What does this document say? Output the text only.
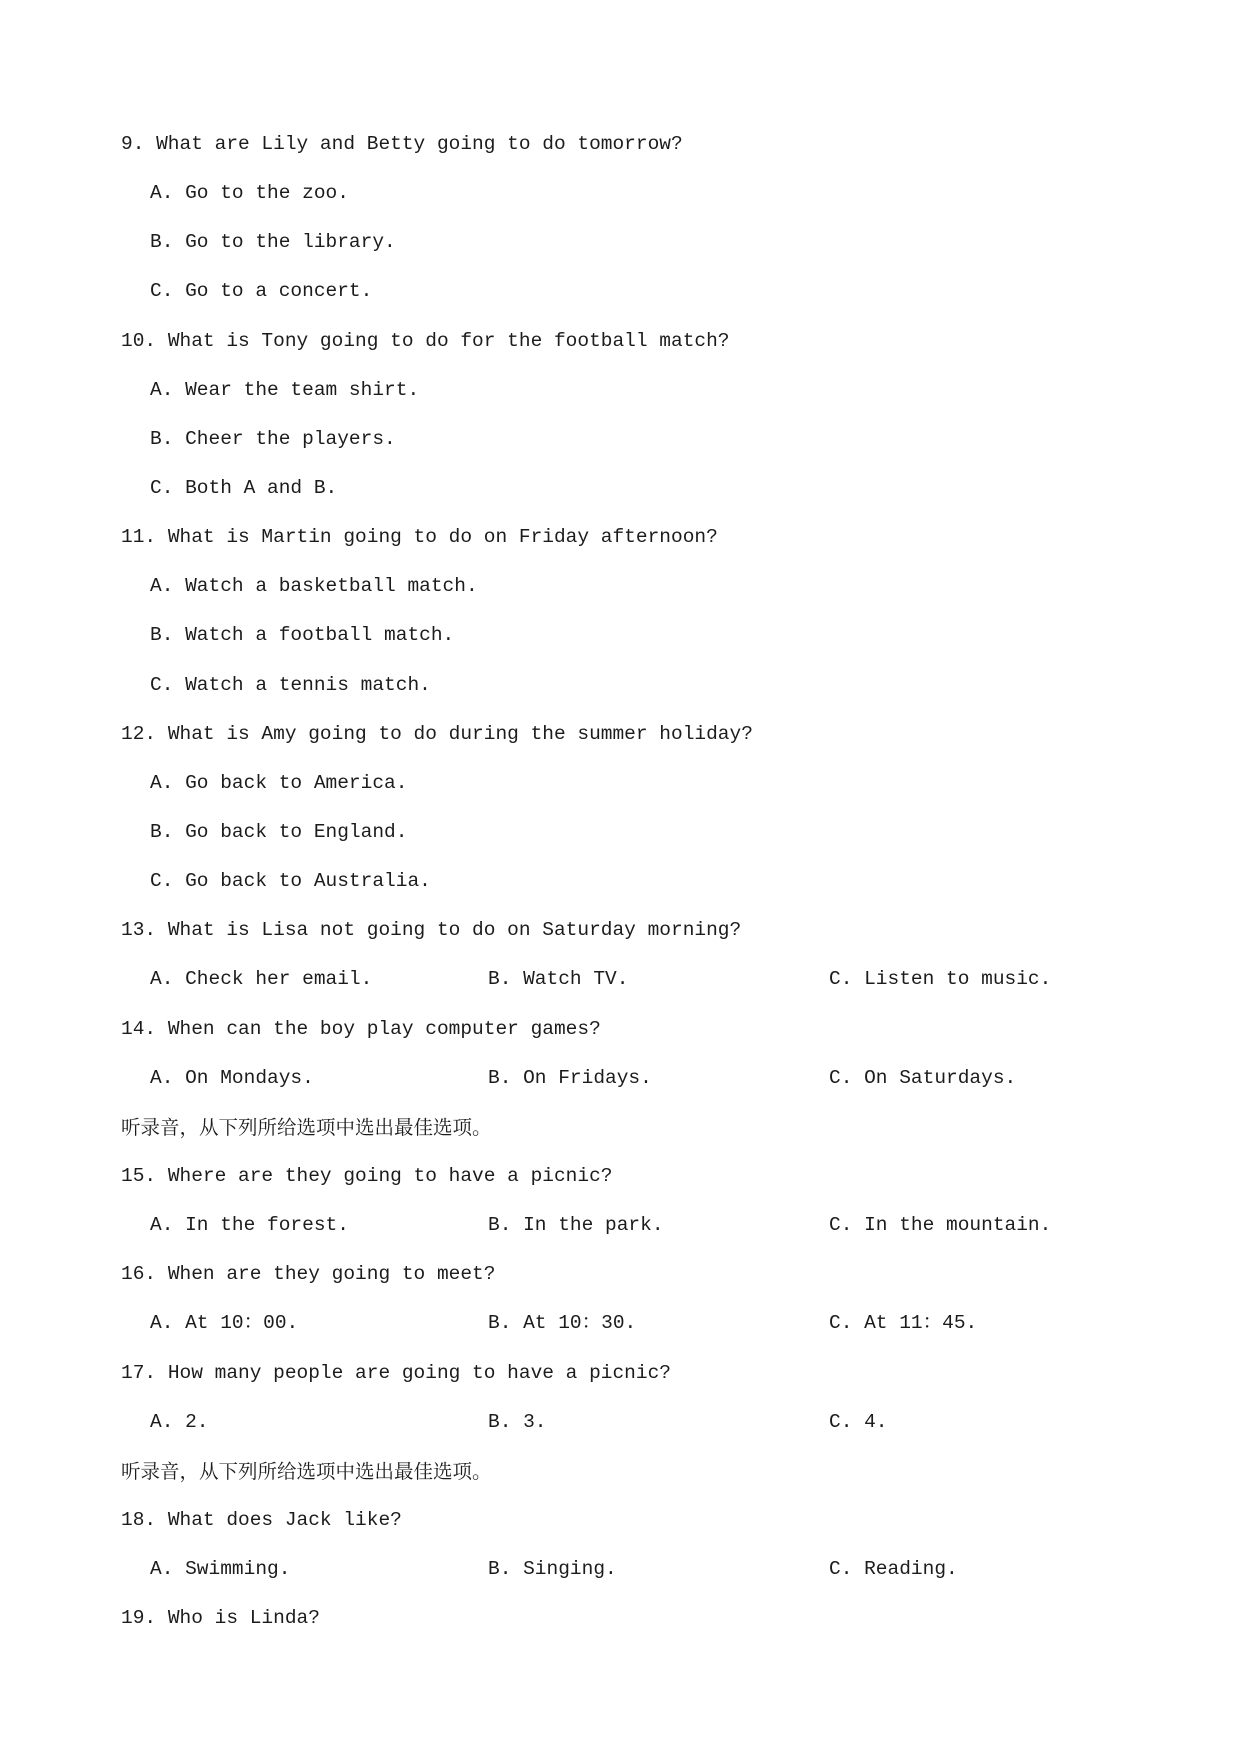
9. What are Lily and Betty going to do tomorrow?
A. Go to the zoo.
B. Go to the library.
C. Go to a concert.
10. What is Tony going to do for the football match?
A. Wear the team shirt.
B. Cheer the players.
C. Both A and B.
11. What is Martin going to do on Friday afternoon?
A. Watch a basketball match.
B. Watch a football match.
C. Watch a tennis match.
12. What is Amy going to do during the summer holiday?
A. Go back to America.
B. Go back to England.
C. Go back to Australia.
13. What is Lisa not going to do on Saturday morning?
A. Check her email.	B. Watch TV.	C. Listen to music.
14. When can the boy play computer games?
A. On Mondays.	B. On Fridays.	C. On Saturdays.
听录音，从下列所给选项中选出最佳选项。
15. Where are they going to have a picnic?
A. In the forest.	B. In the park.	C. In the mountain.
16. When are they going to meet?
A. At 10：00.	B. At 10：30.	C. At 11：45.
17. How many people are going to have a picnic?
A. 2.	B. 3.	C. 4.
听录音，从下列所给选项中选出最佳选项。
18. What does Jack like?
A. Swimming.	B. Singing.	C. Reading.
19. Who is Linda?
